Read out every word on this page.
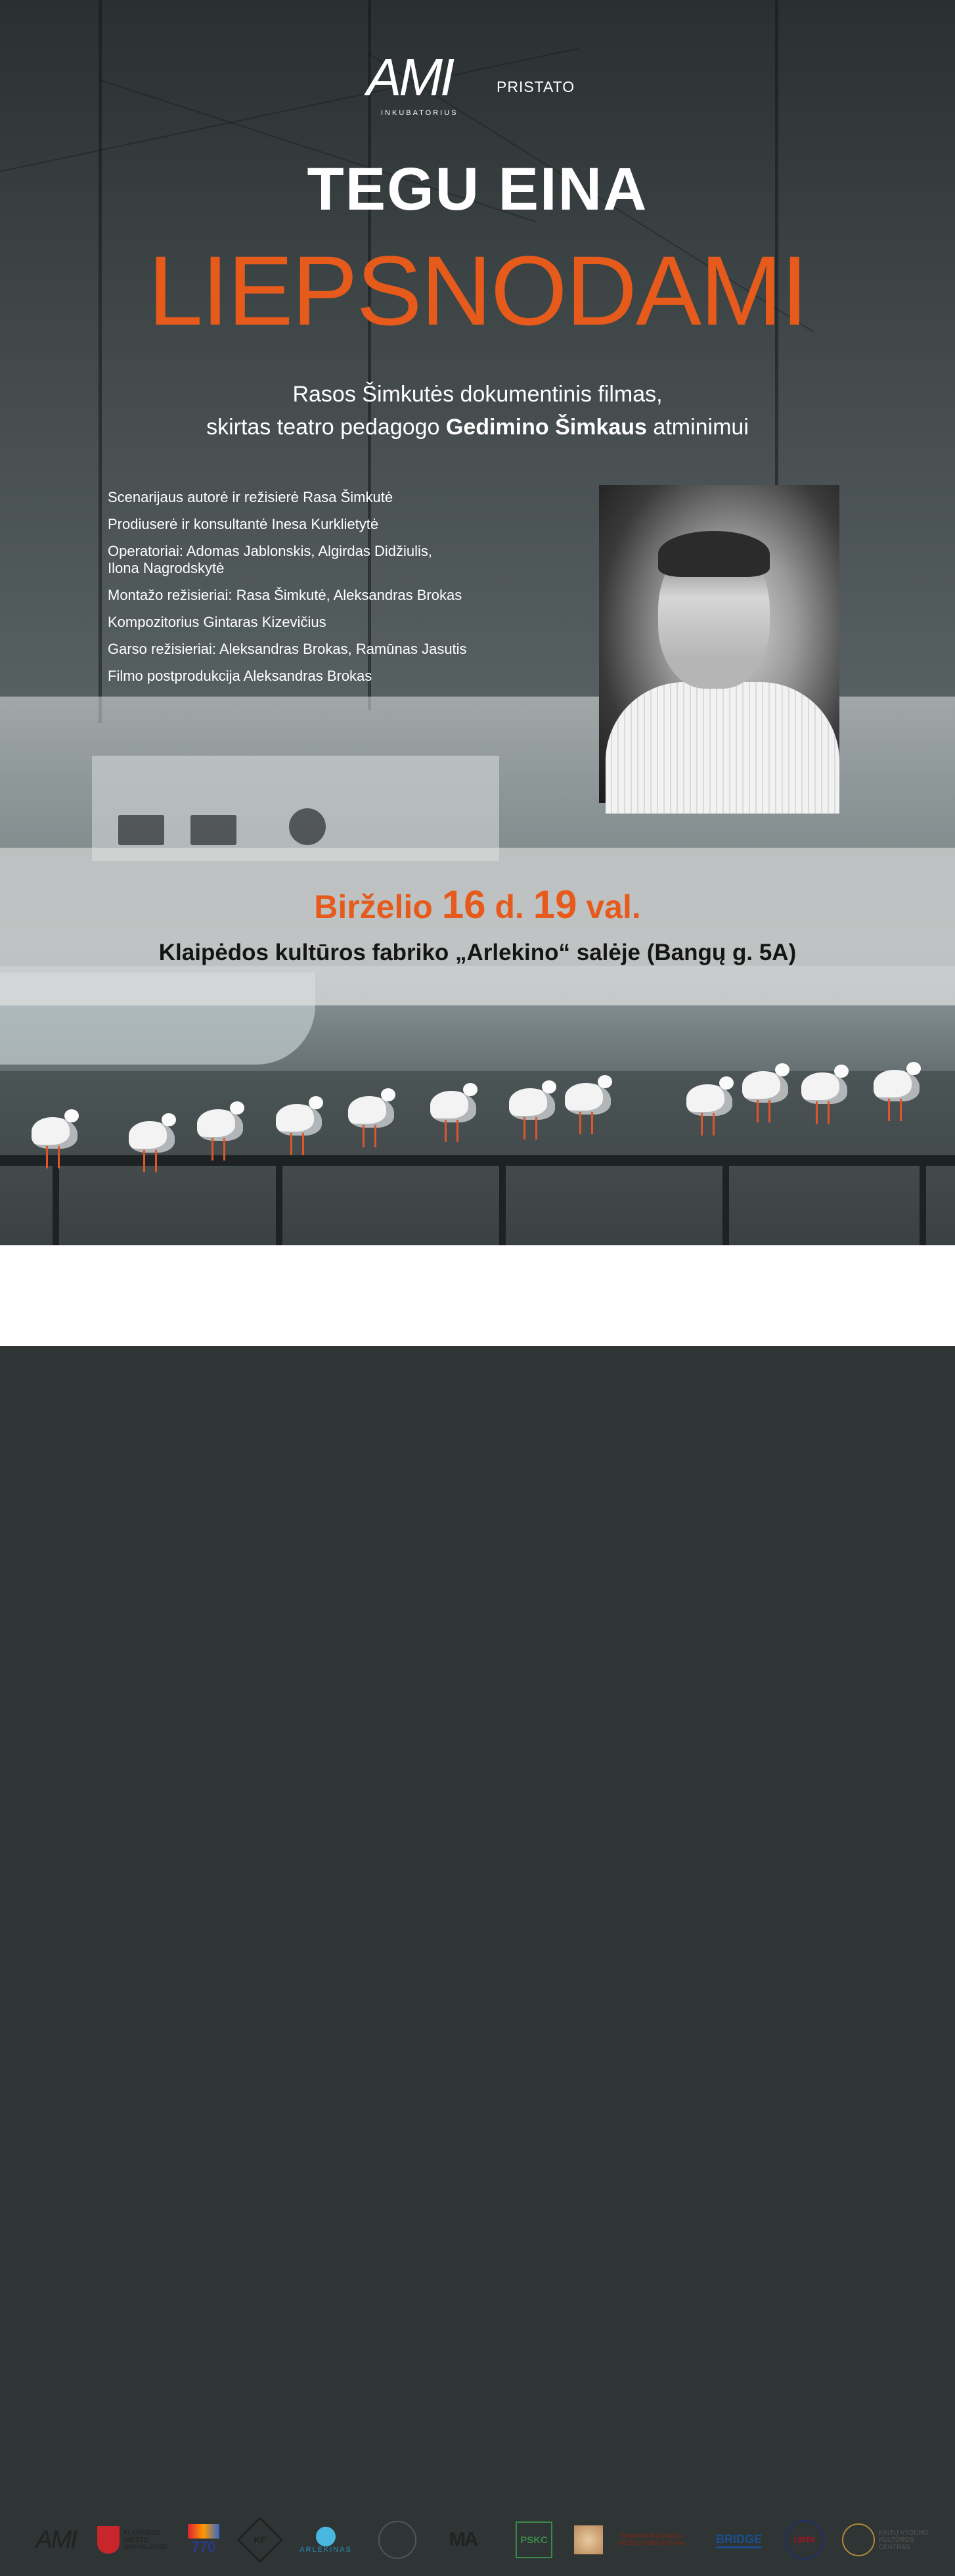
AMI
INKUBATORIUS
PRISTATO
TEGU EINA
LIEPSNODAMI
Rasos Šimkutės dokumentinis filmas,
skirtas teatro pedagogo Gedimino Šimkaus atminimui
Scenarijaus autorė ir režisierė Rasa Šimkutė
Prodiuserė ir konsultantė Inesa Kurklietytė
Operatoriai: Adomas Jablonskis, Algirdas Didžiulis,
Ilona Nagrodskytė
Montažo režisieriai: Rasa Šimkutė, Aleksandras Brokas
Kompozitorius Gintaras Kizevičius
Garso režisieriai: Aleksandras Brokas, Ramūnas Jasutis
Filmo postprodukcija Aleksandras Brokas
Birželio 16 d. 19 val.
Klaipėdos kultūros fabriko „Arlekino“ salėje (Bangų g. 5A)
AMI	KLAIPĖDOS MIESTO SAVIVALDYBĖ 770	KF
ARLEKINAS	MA	PSKC	Fridricho Bajoraičio VIEŠOJI BIBLIOTEKA	BRIDGE	LMTA
KINTŲ VYDŪNO KULTŪROS CENTRAS
